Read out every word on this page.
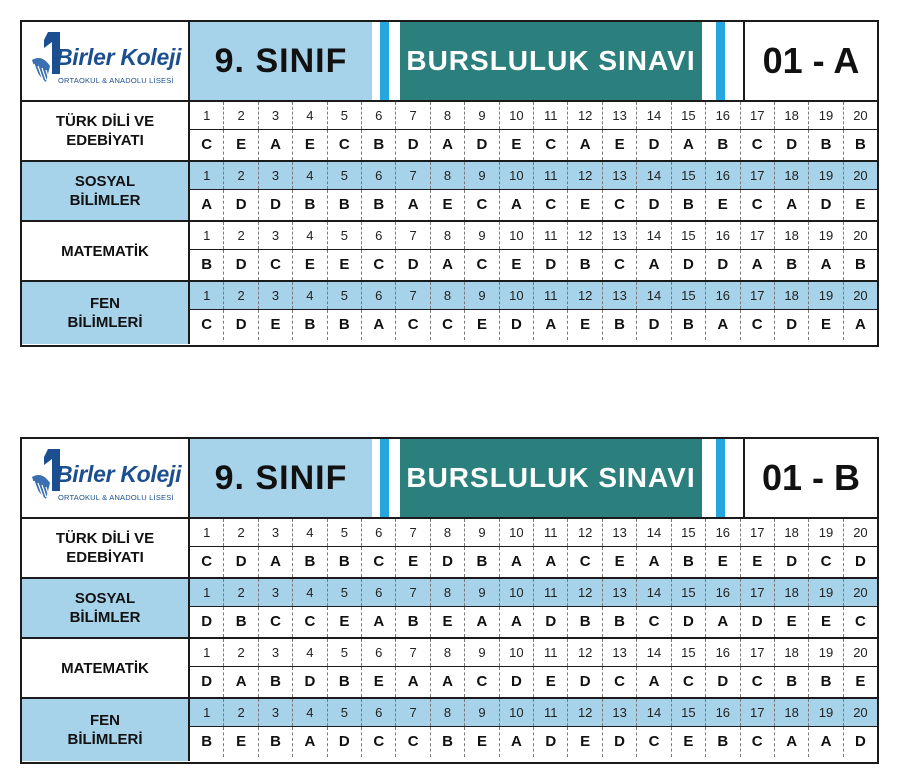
Birler Koleji
ORTAOKUL & ANADOLU LİSESİ
9. SINIF	BURSLULUK SINAVI	01 - A
TÜRK DİLİ VE
EDEBİYATI
1	2	3	4	5	6	7	8	9	10	11	12	13	14	15	16	17	18	19	20
C	E	A	E	C	B	D	A	D	E	C	A	E	D	A	B	C	D	B	B
SOSYAL
BİLİMLER
1	2	3	4	5	6	7	8	9	10	11	12	13	14	15	16	17	18	19	20
A	D	D	B	B	B	A	E	C	A	C	E	C	D	B	E	C	A	D	E
MATEMATİK
1	2	3	4	5	6	7	8	9	10	11	12	13	14	15	16	17	18	19	20
B	D	C	E	E	C	D	A	C	E	D	B	C	A	D	D	A	B	A	B
FEN
BİLİMLERİ
1	2	3	4	5	6	7	8	9	10	11	12	13	14	15	16	17	18	19	20
C	D	E	B	B	A	C	C	E	D	A	E	B	D	B	A	C	D	E	A
Birler Koleji
ORTAOKUL & ANADOLU LİSESİ
9. SINIF	BURSLULUK SINAVI	01 - B
TÜRK DİLİ VE
EDEBİYATI
1	2	3	4	5	6	7	8	9	10	11	12	13	14	15	16	17	18	19	20
C	D	A	B	B	C	E	D	B	A	A	C	E	A	B	E	E	D	C	D
SOSYAL
BİLİMLER
1	2	3	4	5	6	7	8	9	10	11	12	13	14	15	16	17	18	19	20
D	B	C	C	E	A	B	E	A	A	D	B	B	C	D	A	D	E	E	C
MATEMATİK
1	2	3	4	5	6	7	8	9	10	11	12	13	14	15	16	17	18	19	20
D	A	B	D	B	E	A	A	C	D	E	D	C	A	C	D	C	B	B	E
FEN
BİLİMLERİ
1	2	3	4	5	6	7	8	9	10	11	12	13	14	15	16	17	18	19	20
B	E	B	A	D	C	C	B	E	A	D	E	D	C	E	B	C	A	A	D
